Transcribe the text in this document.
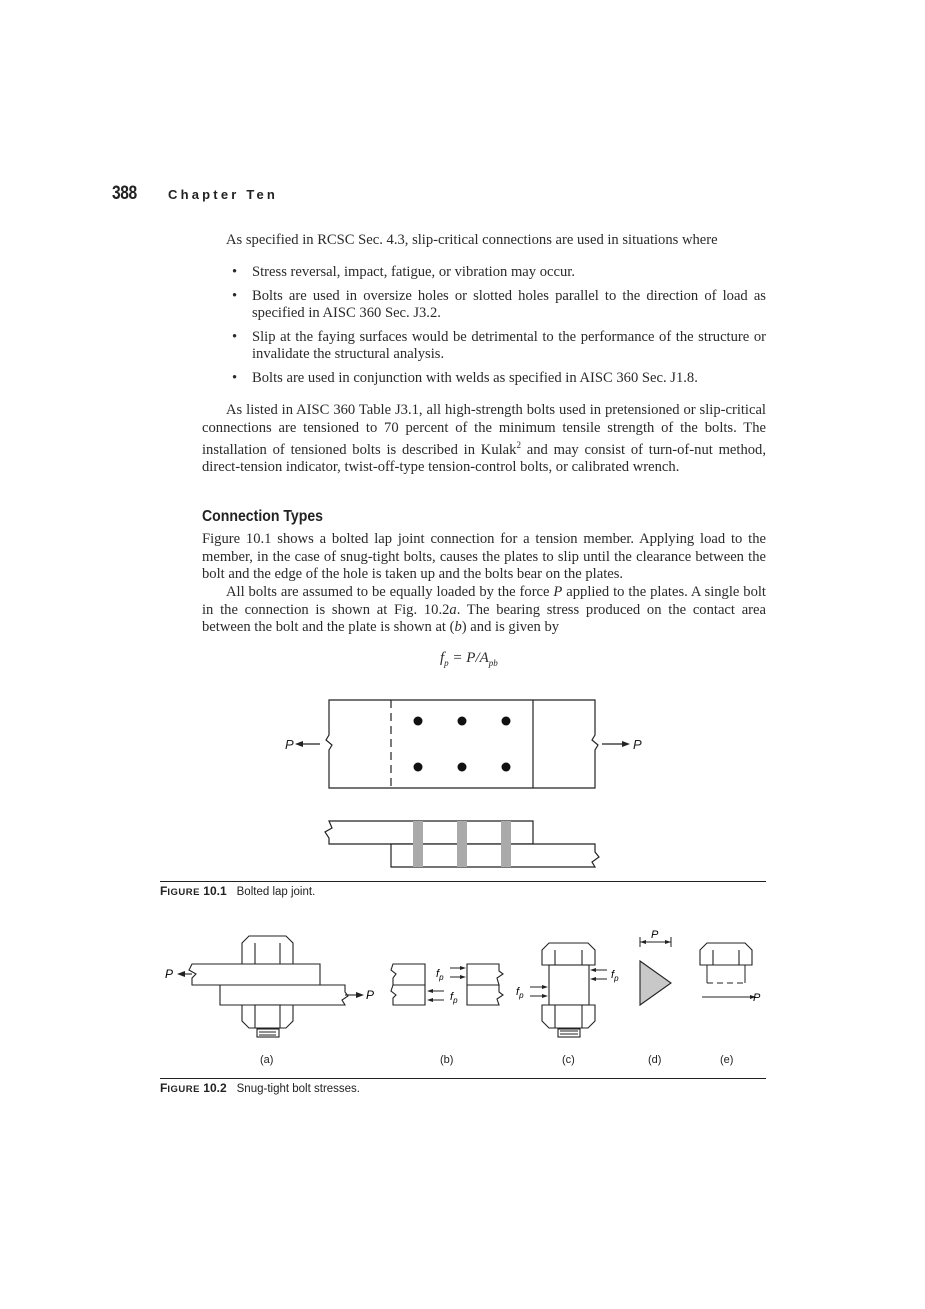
388 Chapter Ten
As specified in RCSC Sec. 4.3, slip-critical connections are used in situations where
• Stress reversal, impact, fatigue, or vibration may occur.
• Bolts are used in oversize holes or slotted holes parallel to the direction of load as specified in AISC 360 Sec. J3.2.
• Slip at the faying surfaces would be detrimental to the performance of the structure or invalidate the structural analysis.
• Bolts are used in conjunction with welds as specified in AISC 360 Sec. J1.8.
As listed in AISC 360 Table J3.1, all high-strength bolts used in pretensioned or slip-critical connections are tensioned to 70 percent of the minimum tensile strength of the bolts. The installation of tensioned bolts is described in Kulak$^2$ and may consist of turn-of-nut method, direct-tension indicator, twist-off-type tension-control bolts, or calibrated wrench.
Connection Types
Figure 10.1 shows a bolted lap joint connection for a tension member. Applying load to the member, in the case of snug-tight bolts, causes the plates to slip until the clearance between the bolt and the edge of the hole is taken up and the bolts bear on the plates.
All bolts are assumed to be equally loaded by the force P applied to the plates. A single bolt in the connection is shown at Fig. 10.2a. The bearing stress produced on the contact area between the bolt and the plate is shown at (b) and is given by
$f_p = P/A_{pb}$
P	P
FIGURE 10.1 Bolted lap joint.
P
P
$f_p$
$f_p$
$f_p$
$f_p$
P
P
(a)	(b)	(c)	(d)	(e)
FIGURE 10.2 Snug-tight bolt stresses.
